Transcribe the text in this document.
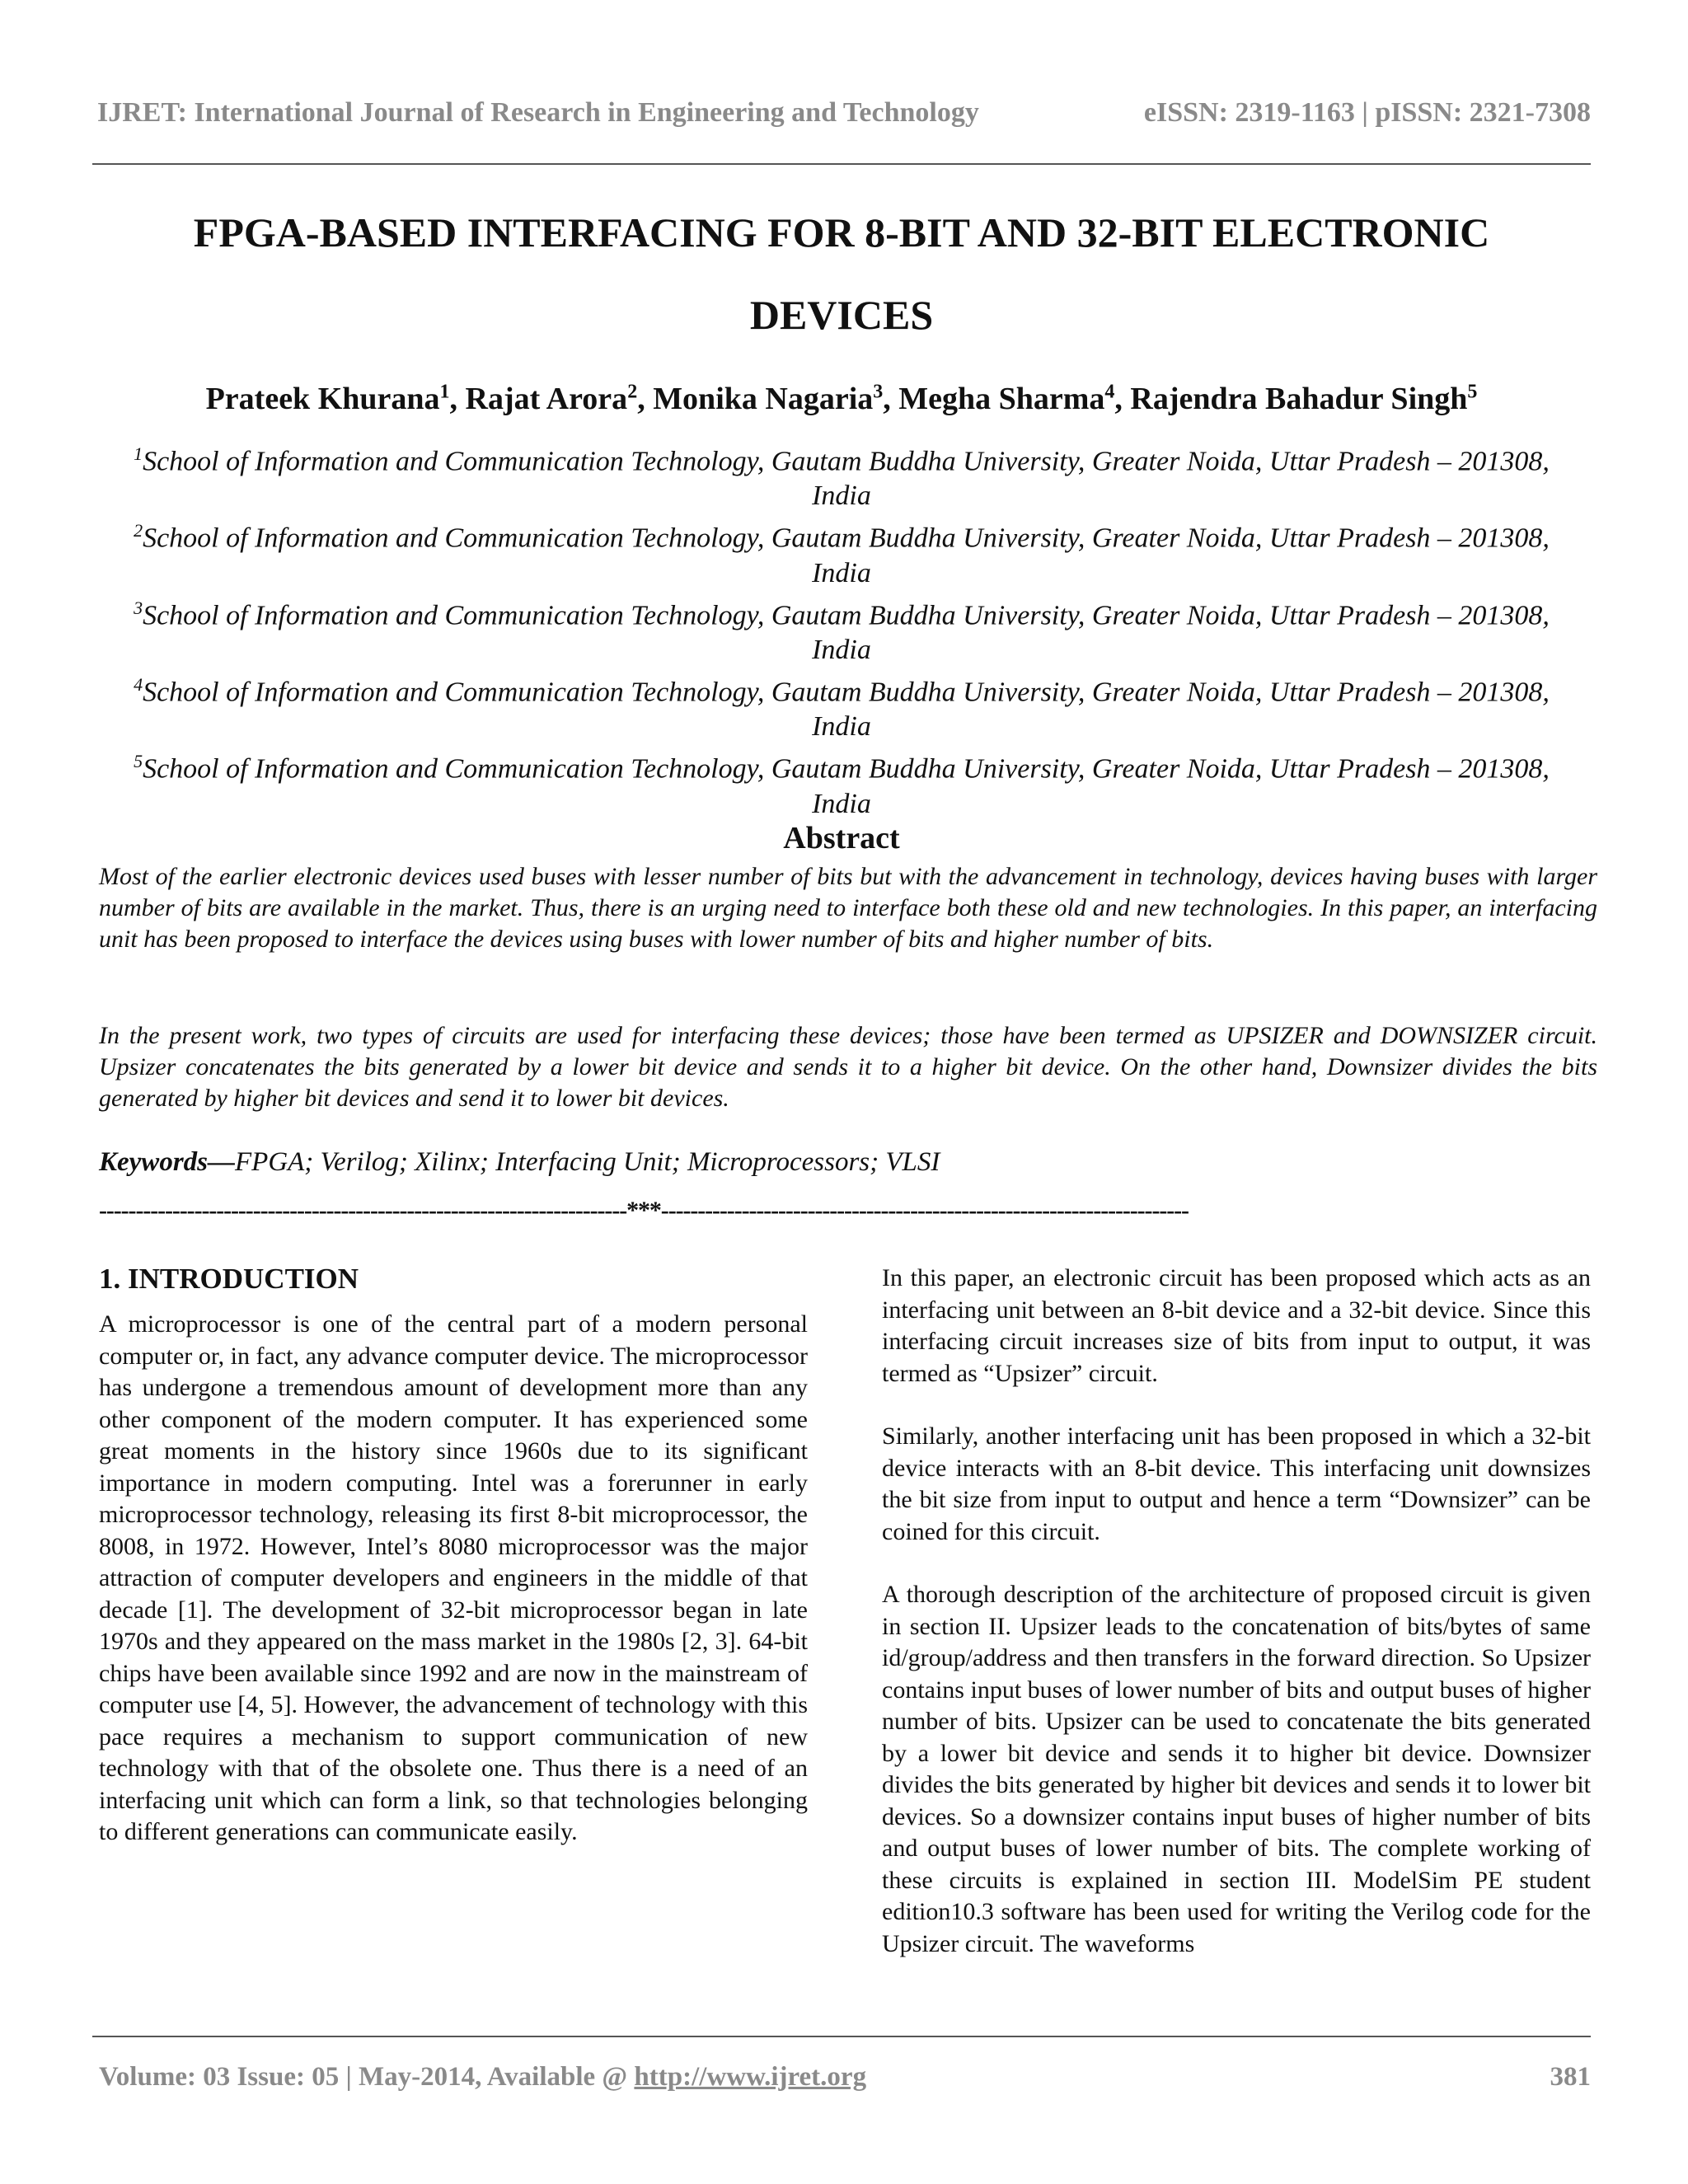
IJRET: International Journal of Research in Engineering and Technology	eISSN: 2319-1163 | pISSN: 2321-7308
FPGA-BASED INTERFACING FOR 8-BIT AND 32-BIT ELECTRONIC
DEVICES
Prateek Khurana$^1$, Rajat Arora$^2$, Monika Nagaria$^3$, Megha Sharma$^4$, Rajendra Bahadur Singh$^5$
$^1$School of Information and Communication Technology, Gautam Buddha University, Greater Noida, Uttar Pradesh – 201308, India
$^2$School of Information and Communication Technology, Gautam Buddha University, Greater Noida, Uttar Pradesh – 201308, India
$^3$School of Information and Communication Technology, Gautam Buddha University, Greater Noida, Uttar Pradesh – 201308, India
$^4$School of Information and Communication Technology, Gautam Buddha University, Greater Noida, Uttar Pradesh – 201308, India
$^5$School of Information and Communication Technology, Gautam Buddha University, Greater Noida, Uttar Pradesh – 201308, India
Abstract
Most of the earlier electronic devices used buses with lesser number of bits but with the advancement in technology, devices having buses with larger number of bits are available in the market. Thus, there is an urging need to interface both these old and new technologies. In this paper, an interfacing unit has been proposed to interface the devices using buses with lower number of bits and higher number of bits.
In the present work, two types of circuits are used for interfacing these devices; those have been termed as UPSIZER and DOWNSIZER circuit. Upsizer concatenates the bits generated by a lower bit device and sends it to a higher bit device. On the other hand, Downsizer divides the bits generated by higher bit devices and send it to lower bit devices.
Keywords—FPGA; Verilog; Xilinx; Interfacing Unit; Microprocessors; VLSI
------------------------------------------------------------------------***------------------------------------------------------------------------
1. INTRODUCTION

A microprocessor is one of the central part of a modern personal computer or, in fact, any advance computer device. The microprocessor has undergone a tremendous amount of development more than any other component of the modern computer. It has experienced some great moments in the history since 1960s due to its significant importance in modern computing. Intel was a forerunner in early microprocessor technology, releasing its first 8-bit microprocessor, the 8008, in 1972. However, Intel’s 8080 microprocessor was the major attraction of computer developers and engineers in the middle of that decade [1]. The development of 32-bit microprocessor began in late 1970s and they appeared on the mass market in the 1980s [2, 3]. 64-bit chips have been available since 1992 and are now in the mainstream of computer use [4, 5]. However, the advancement of technology with this pace requires a mechanism to support communication of new technology with that of the obsolete one. Thus there is a need of an interfacing unit which can form a link, so that technologies belonging to different generations can communicate easily.

In this paper, an electronic circuit has been proposed which acts as an interfacing unit between an 8-bit device and a 32-bit device. Since this interfacing circuit increases size of bits from input to output, it was termed as “Upsizer” circuit.

Similarly, another interfacing unit has been proposed in which a 32-bit device interacts with an 8-bit device. This interfacing unit downsizes the bit size from input to output and hence a term “Downsizer” can be coined for this circuit.

A thorough description of the architecture of proposed circuit is given in section II. Upsizer leads to the concatenation of bits/bytes of same id/group/address and then transfers in the forward direction. So Upsizer contains input buses of lower number of bits and output buses of higher number of bits. Upsizer can be used to concatenate the bits generated by a lower bit device and sends it to higher bit device. Downsizer divides the bits generated by higher bit devices and sends it to lower bit devices. So a downsizer contains input buses of higher number of bits and output buses of lower number of bits. The complete working of these circuits is explained in section III. ModelSim PE student edition10.3 software has been used for writing the Verilog code for the Upsizer circuit. The waveforms

Volume: 03 Issue: 05 | May-2014, Available @ http://www.ijret.org	381
